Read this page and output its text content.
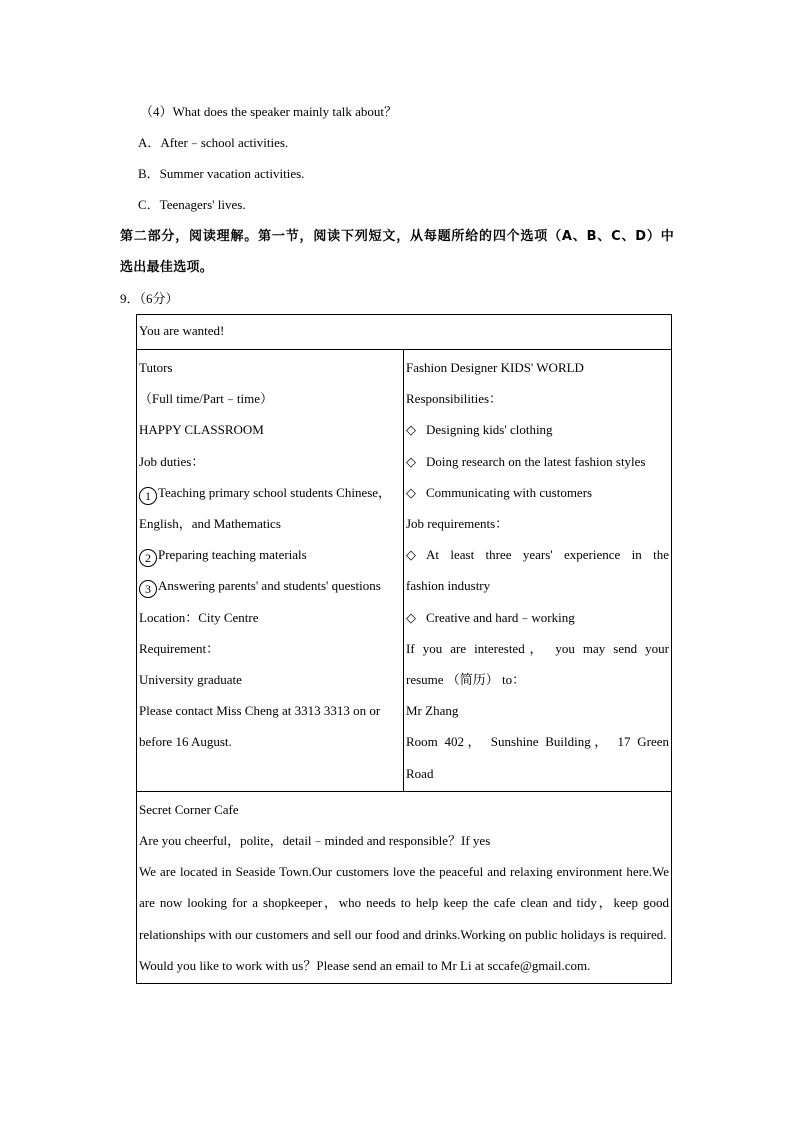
（4）What does the speaker mainly talk about？
A．After﹣school activities.
B．Summer vacation activities.
C．Teenagers' lives.
第二部分，阅读理解。第一节，阅读下列短文，从每题所给的四个选项（A、B、C、D）中
选出最佳选项。
9．（6分）
You are wanted!

Tutors
（Full time/Part﹣time）
HAPPY CLASSROOM
Job duties：
1 Teaching primary school students Chinese，
English，and Mathematics
2 Preparing teaching materials
3 Answering parents' and students' questions
Location：City Centre
Requirement：
University graduate
Please contact Miss Cheng at 3313 3313 on or
before 16 August.

Fashion Designer KIDS' WORLD
Responsibilities：
◇ Designing kids' clothing
◇ Doing research on the latest fashion styles
◇ Communicating with customers
Job requirements：
◇ At least three years' experience in the
fashion industry
◇ Creative and hard﹣working
If you are interested， you may send your
resume （简历） to：
Mr Zhang
Room 402， Sunshine Building， 17 Green
Road

Secret Corner Cafe
Are you cheerful，polite，detail﹣minded and responsible？If yes
We are located in Seaside Town.Our customers love the peaceful and relaxing environment here.We are now looking for a shopkeeper，who needs to help keep the cafe clean and tidy，keep good relationships with our customers and sell our food and drinks.Working on public holidays is required.
Would you like to work with us？Please send an email to Mr Li at sccafe@gmail.com.
